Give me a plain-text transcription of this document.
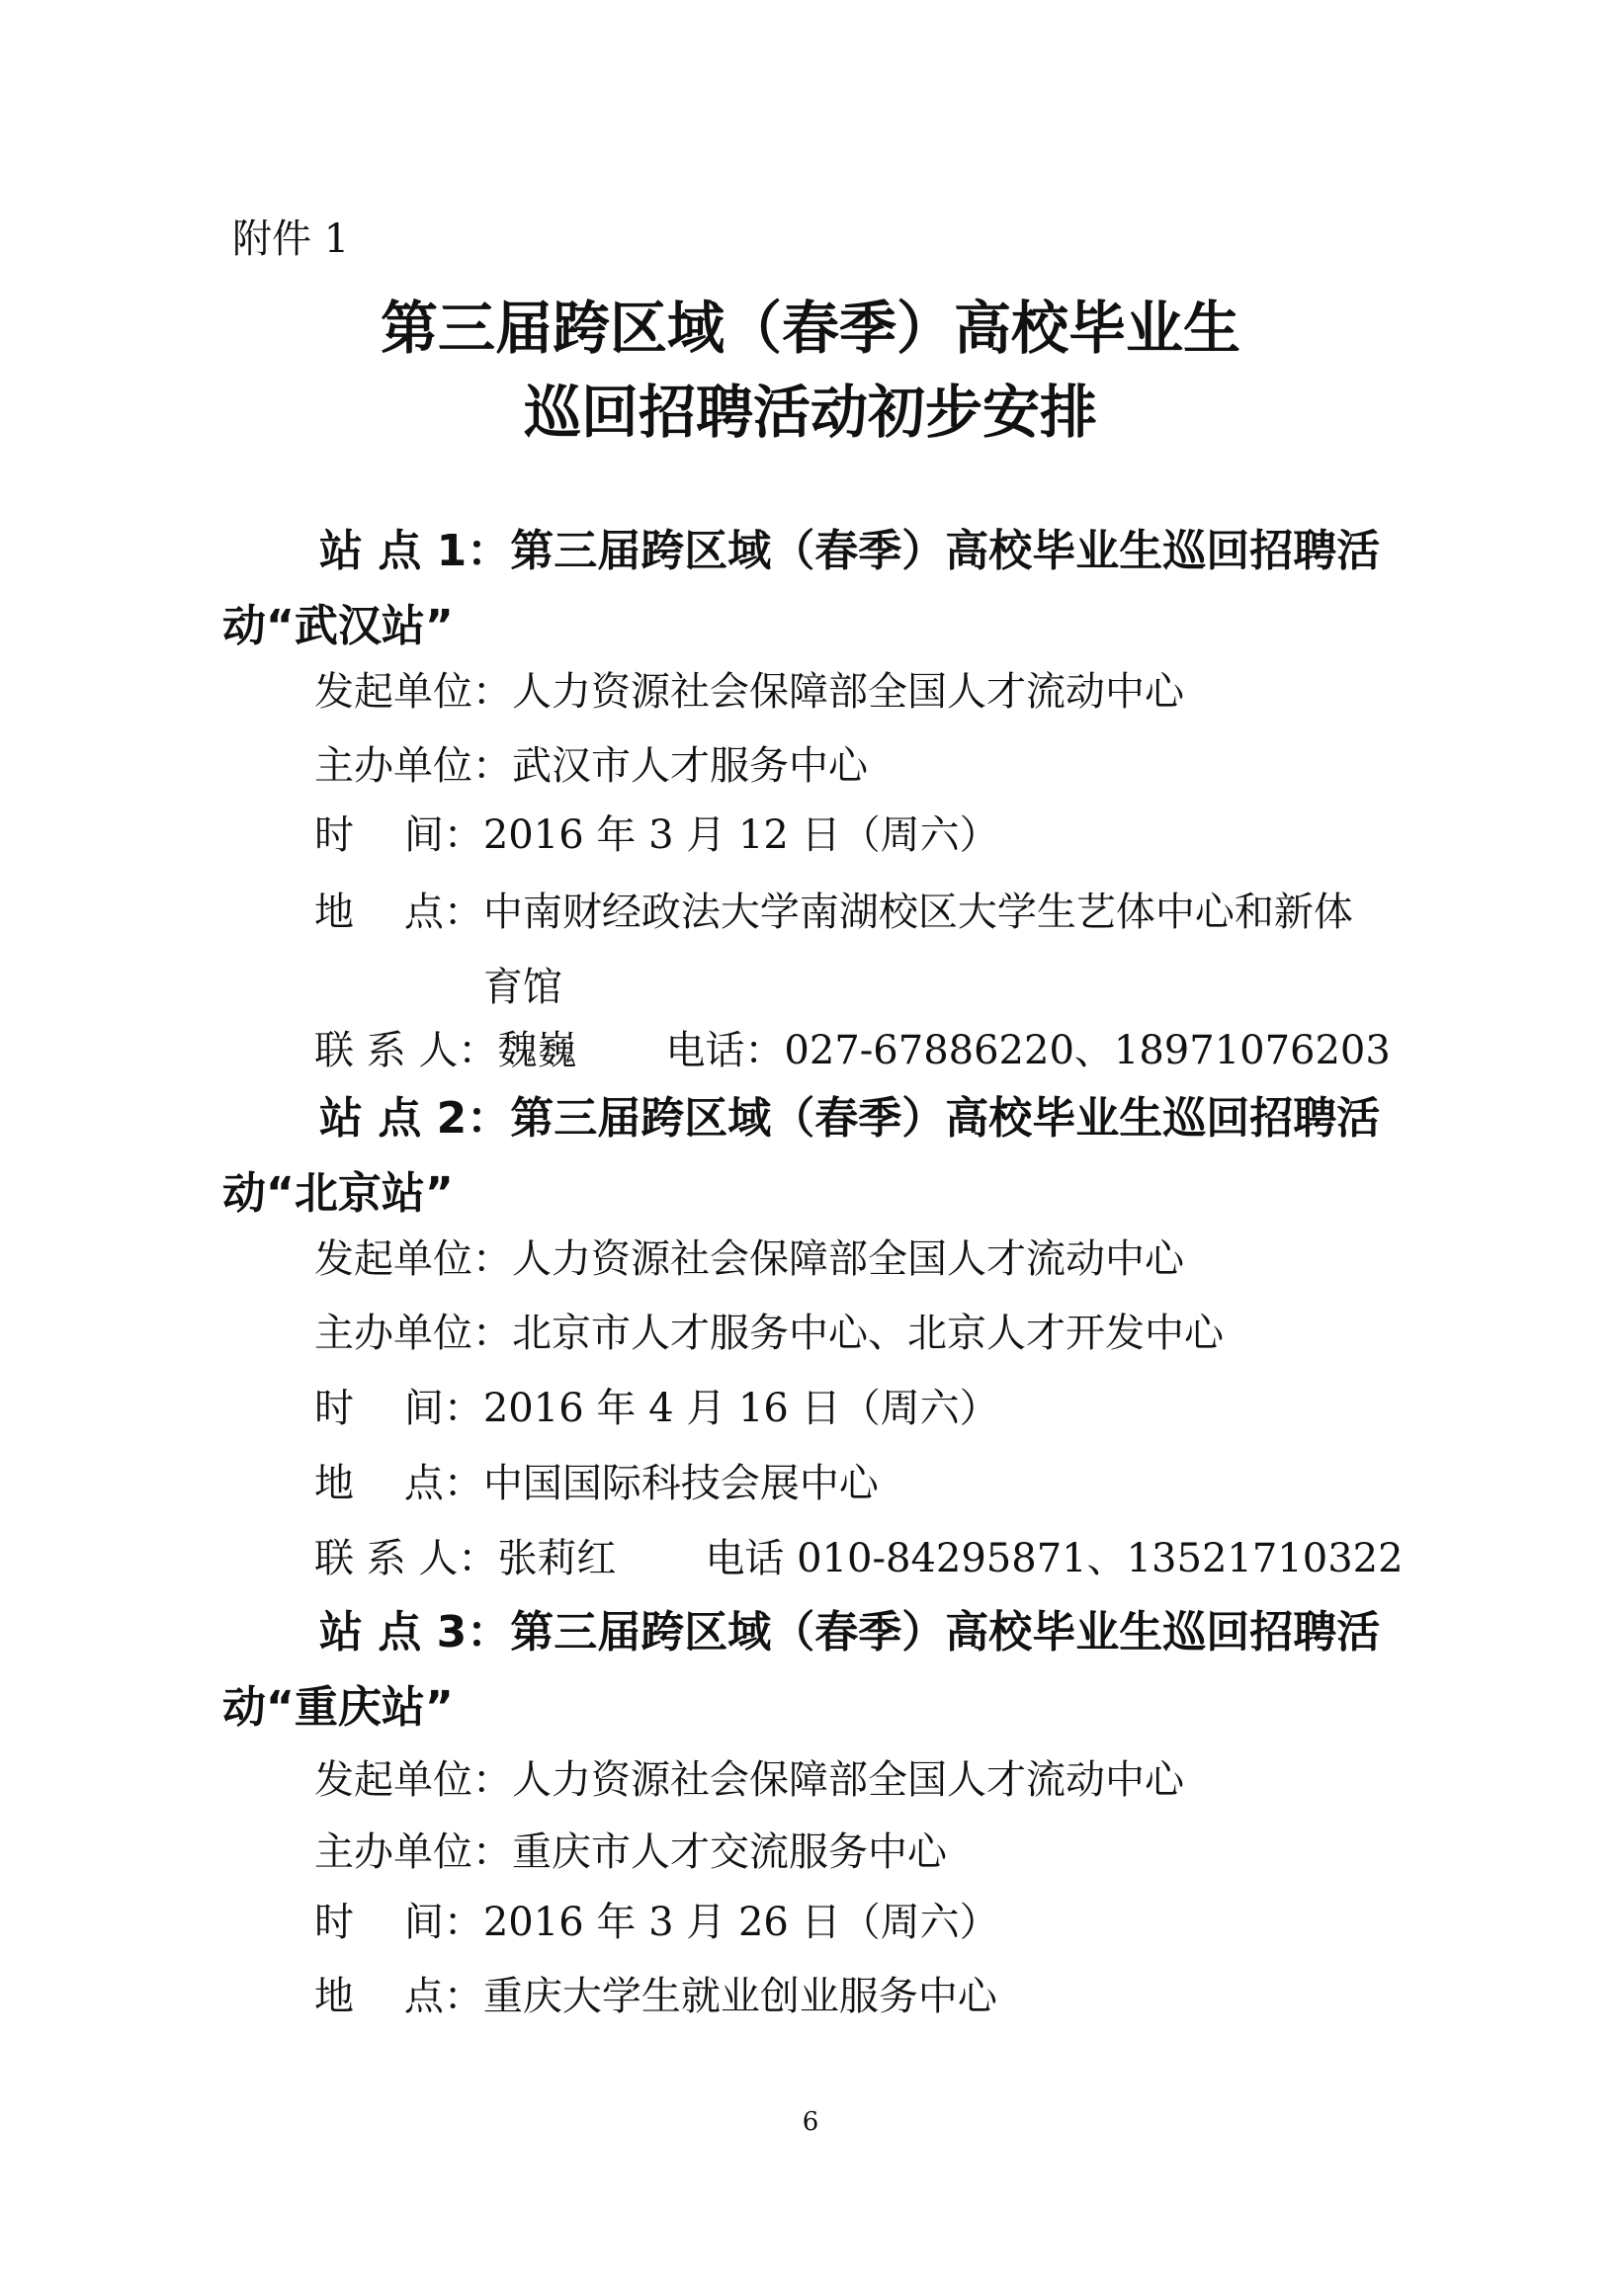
附件 1
第三届跨区域（春季）高校毕业生
巡回招聘活动初步安排
站 点 1：第三届跨区域（春季）高校毕业生巡回招聘活动“武汉站”
发起单位：人力资源社会保障部全国人才流动中心
主办单位：武汉市人才服务中心
时    间：2016 年 3 月 12 日（周六）
地    点：中南财经政法大学南湖校区大学生艺体中心和新体育馆
联 系 人：魏巍 电话：027-67886220、18971076203
站 点 2：第三届跨区域（春季）高校毕业生巡回招聘活动“北京站”
发起单位：人力资源社会保障部全国人才流动中心
主办单位：北京市人才服务中心、北京人才开发中心
时    间：2016 年 4 月 16 日（周六）
地    点：中国国际科技会展中心
联 系 人：张莉红 电话 010-84295871、13521710322
站 点 3：第三届跨区域（春季）高校毕业生巡回招聘活动“重庆站”
发起单位：人力资源社会保障部全国人才流动中心
主办单位：重庆市人才交流服务中心
时    间：2016 年 3 月 26 日（周六）
地    点：重庆大学生就业创业服务中心
6
